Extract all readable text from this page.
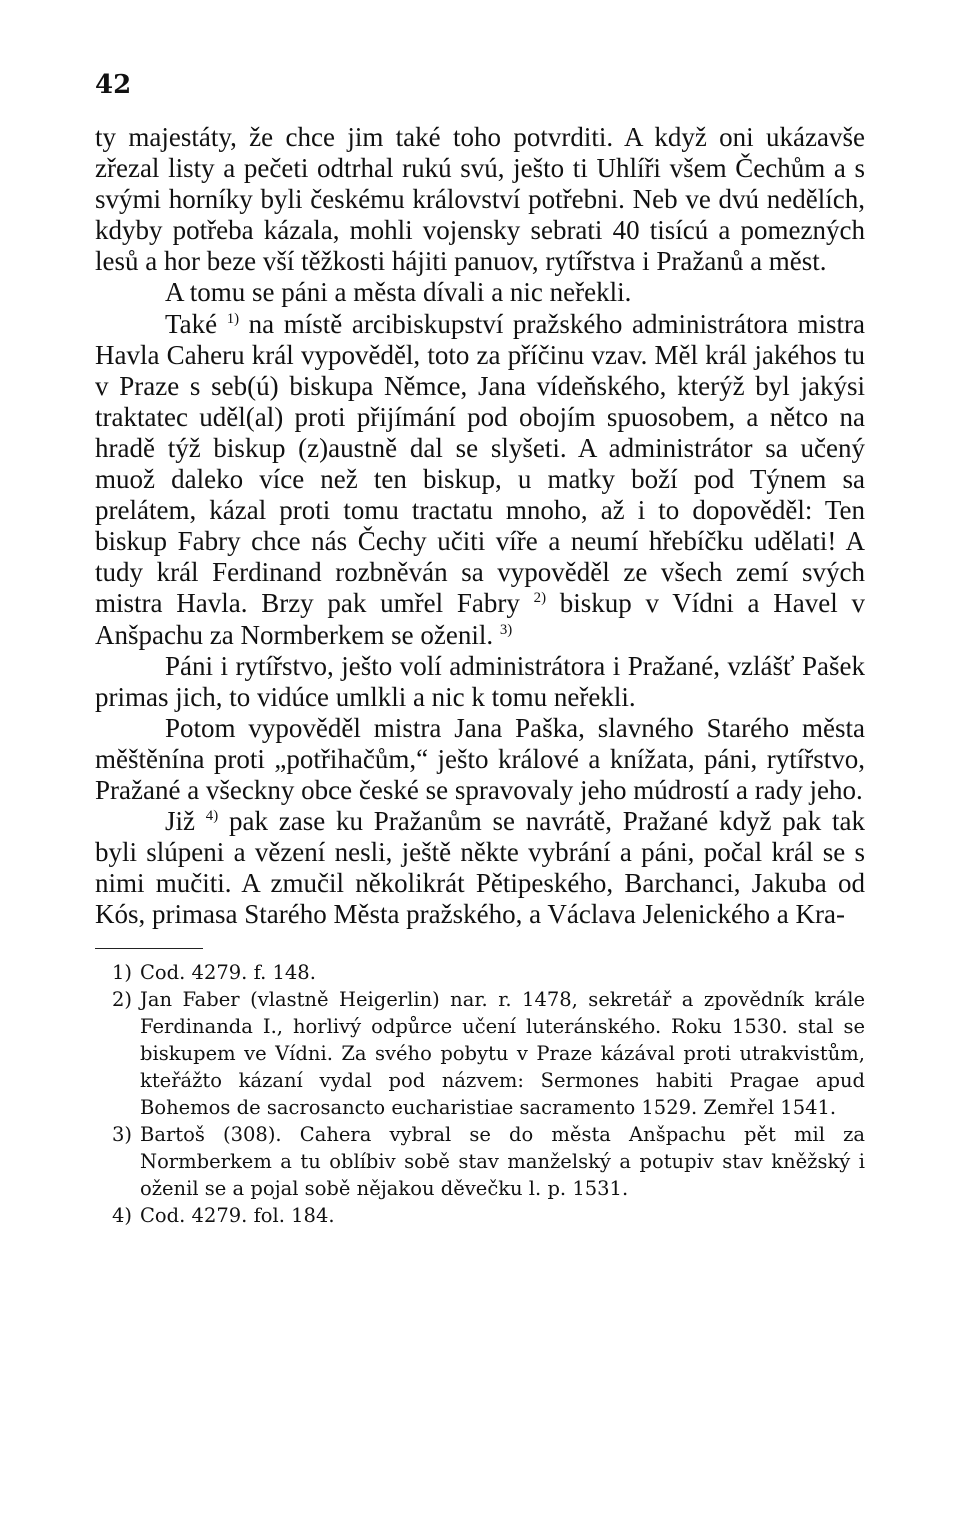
42

ty majestáty, že chce jim také toho potvrditi. A když oni ukázavše zřezal listy a pečeti odtrhal rukú svú, ješto ti Uhlíři všem Čechům a s svými horníky byli českému království potřebni. Neb ve dvú nedělích, kdyby potřeba kázala, mohli vojensky sebrati 40 tisícú a pomezných lesů a hor beze vší těžkosti hájiti panuov, rytířstva i Pražanů a měst.

A tomu se páni a města dívali a nic neřekli.

Také $^{1)}$ na místě arcibiskupství pražského administrátora mistra Havla Caheru král vypověděl, toto za příčinu vzav. Měl král jakéhos tu v Praze s seb(ú) biskupa Němce, Jana vídeňského, kterýž byl jakýsi traktatec uděl(al) proti přijímání pod obojím spuosobem, a nětco na hradě týž biskup (z)austně dal se slyšeti. A administrátor sa učený muož daleko více než ten biskup, u matky boží pod Týnem sa prelátem, kázal proti tomu tractatu mnoho, až i to dopověděl: Ten biskup Fabry chce nás Čechy učiti víře a neumí hřebíčku udělati! A tudy král Ferdinand rozbněván sa vypověděl ze všech zemí svých mistra Havla. Brzy pak umřel Fabry $^{2)}$ biskup v Vídni a Havel v Anšpachu za Normberkem se oženil. $^{3)}$

Páni i rytířstvo, ješto volí administrátora i Pražané, vzlášť Pašek primas jich, to vidúce umlkli a nic k tomu neřekli.

Potom vypověděl mistra Jana Paška, slavného Starého města měštěnína proti „potřihačům,“ ješto králové a knížata, páni, rytířstvo, Pražané a všeckny obce české se spravovaly jeho múdrostí a rady jeho.

Již $^{4)}$ pak zase ku Pražanům se navrátě, Pražané když pak tak byli slúpeni a vězení nesli, ještě někte vybrání a páni, počal král se s nimi mučiti. A zmučil několikrát Pětipeského, Barchanci, Jakuba od Kós, primasa Starého Města pražského, a Václava Jelenického a Kra-

1) Cod. 4279. f. 148.

2) Jan Faber (vlastně Heigerlin) nar. r. 1478, sekretář a zpovědník krále Ferdinanda I., horlivý odpůrce učení luteránského. Roku 1530. stal se biskupem ve Vídni. Za svého pobytu v Praze kázával proti utrakvistům, kteřážto kázaní vydal pod názvem: Sermones habiti Pragae apud Bohemos de sacrosancto eucharistiae sacramento 1529. Zemřel 1541.

3) Bartoš (308). Cahera vybral se do města Anšpachu pět mil za Normberkem a tu oblíbiv sobě stav manželský a potupiv stav kněžský i oženil se a pojal sobě nějakou děvečku l. p. 1531.

4) Cod. 4279. fol. 184.
